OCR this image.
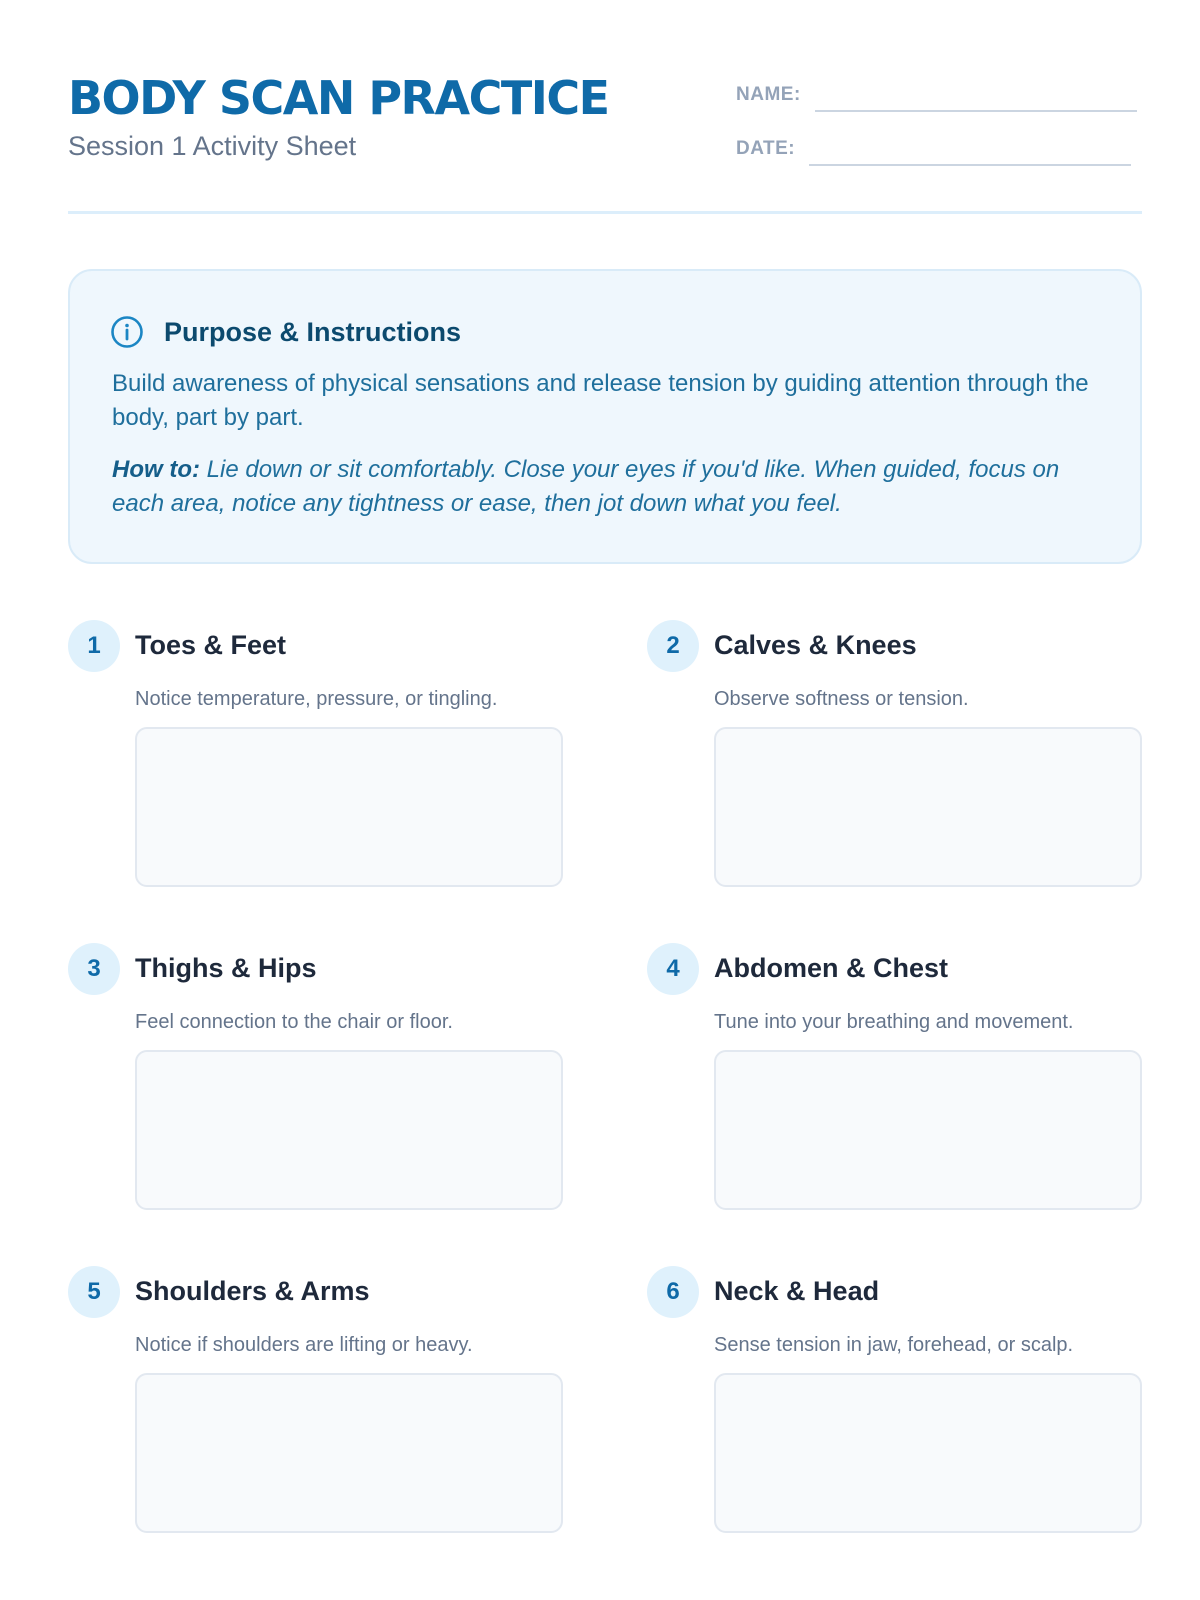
BODY SCAN PRACTICE
Session 1 Activity Sheet
NAME:
DATE:
Purpose & Instructions
Build awareness of physical sensations and release tension by guiding attention through the body, part by part.
How to: Lie down or sit comfortably. Close your eyes if you'd like. When guided, focus on each area, notice any tightness or ease, then jot down what you feel.
1	Toes & Feet
Notice temperature, pressure, or tingling.
2	Calves & Knees
Observe softness or tension.
3	Thighs & Hips
Feel connection to the chair or floor.
4	Abdomen & Chest
Tune into your breathing and movement.
5	Shoulders & Arms
Notice if shoulders are lifting or heavy.
6	Neck & Head
Sense tension in jaw, forehead, or scalp.
